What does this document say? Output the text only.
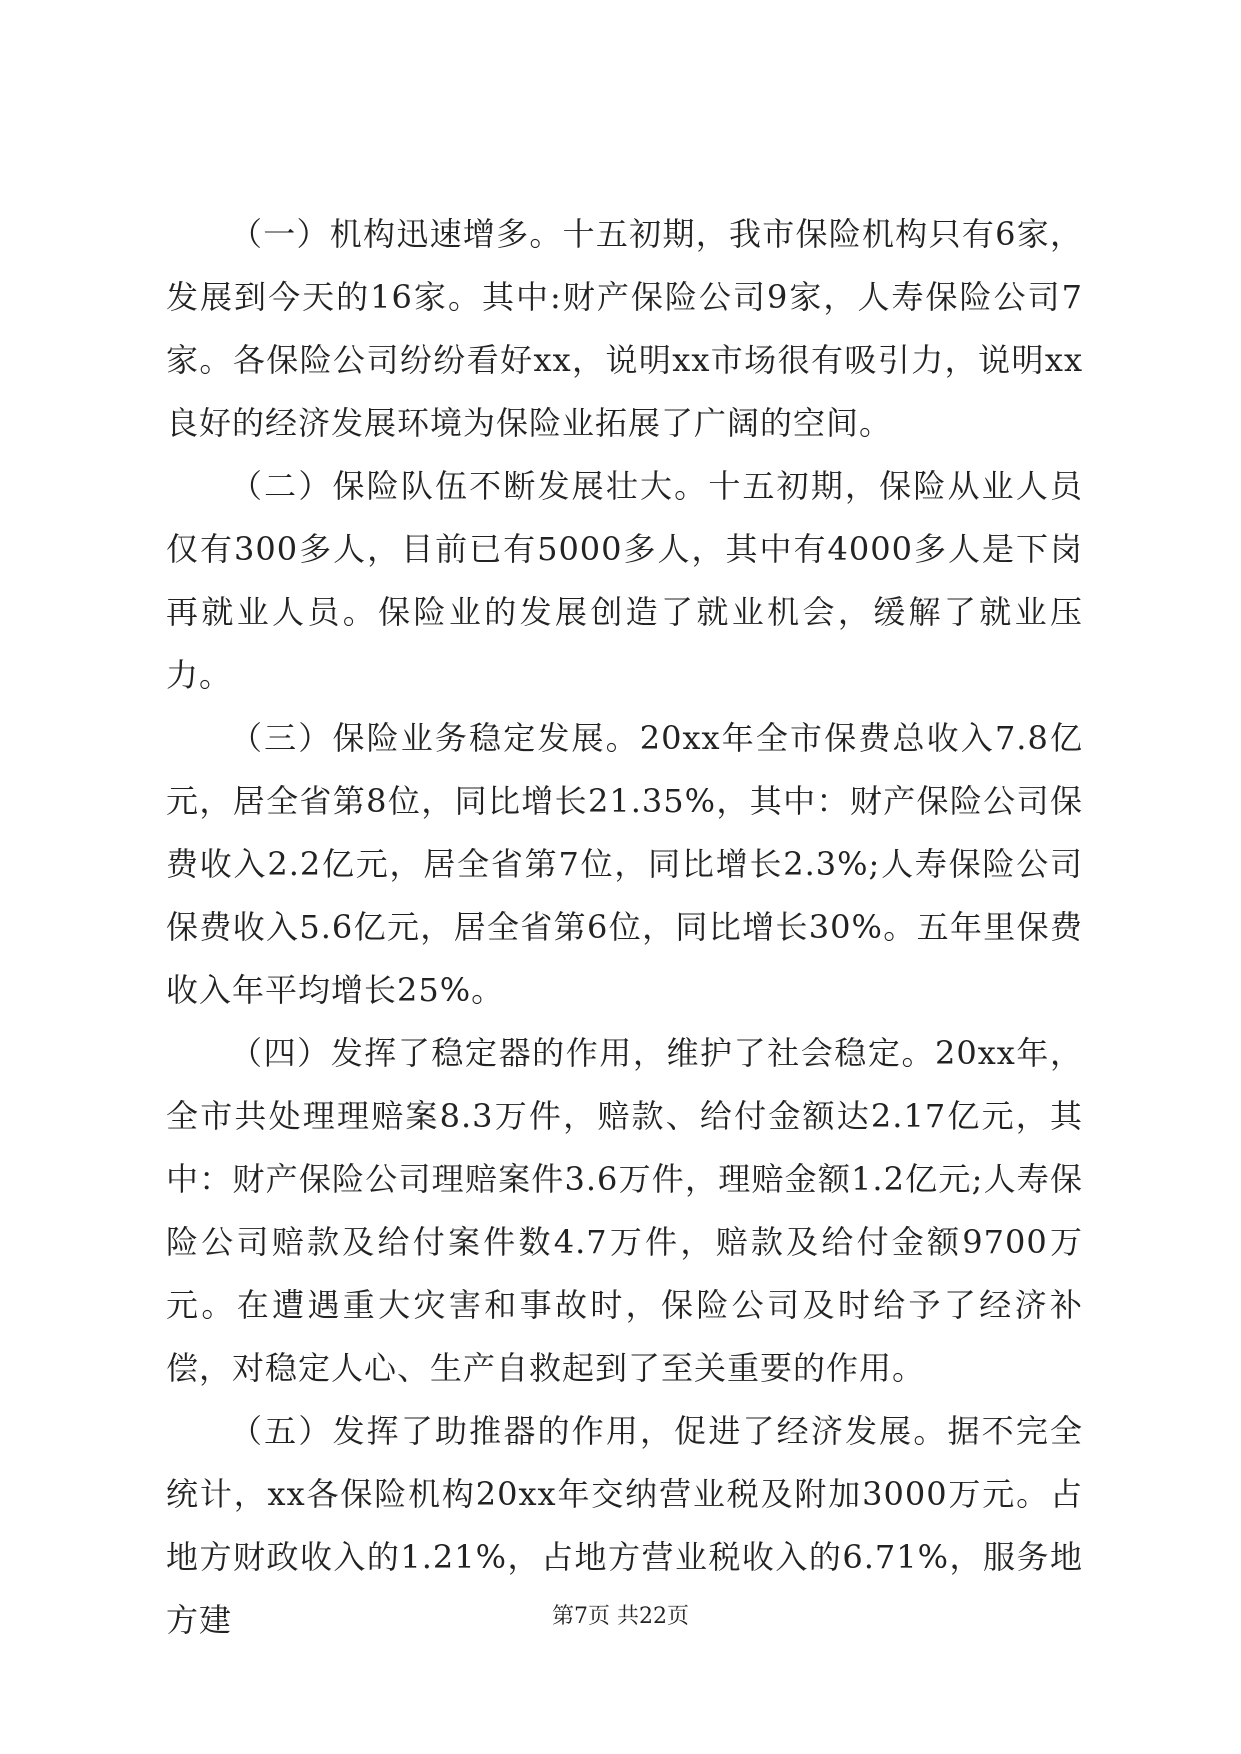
（一）机构迅速增多。十五初期，我市保险机构只有6家，发展到今天的16家。其中:财产保险公司9家，人寿保险公司7家。各保险公司纷纷看好xx，说明xx市场很有吸引力，说明xx良好的经济发展环境为保险业拓展了广阔的空间。

（二）保险队伍不断发展壮大。十五初期，保险从业人员仅有300多人，目前已有5000多人，其中有4000多人是下岗再就业人员。保险业的发展创造了就业机会，缓解了就业压力。

（三）保险业务稳定发展。20xx年全市保费总收入7.8亿元，居全省第8位，同比增长21.35%，其中：财产保险公司保费收入2.2亿元，居全省第7位，同比增长2.3%;人寿保险公司保费收入5.6亿元，居全省第6位，同比增长30%。五年里保费收入年平均增长25%。

（四）发挥了稳定器的作用，维护了社会稳定。20xx年，全市共处理理赔案8.3万件，赔款、给付金额达2.17亿元，其中：财产保险公司理赔案件3.6万件，理赔金额1.2亿元;人寿保险公司赔款及给付案件数4.7万件，赔款及给付金额9700万元。在遭遇重大灾害和事故时，保险公司及时给予了经济补偿，对稳定人心、生产自救起到了至关重要的作用。

（五）发挥了助推器的作用，促进了经济发展。据不完全统计，xx各保险机构20xx年交纳营业税及附加3000万元。占地方财政收入的1.21%，占地方营业税收入的6.71%，服务地方建	第7页 共22页
